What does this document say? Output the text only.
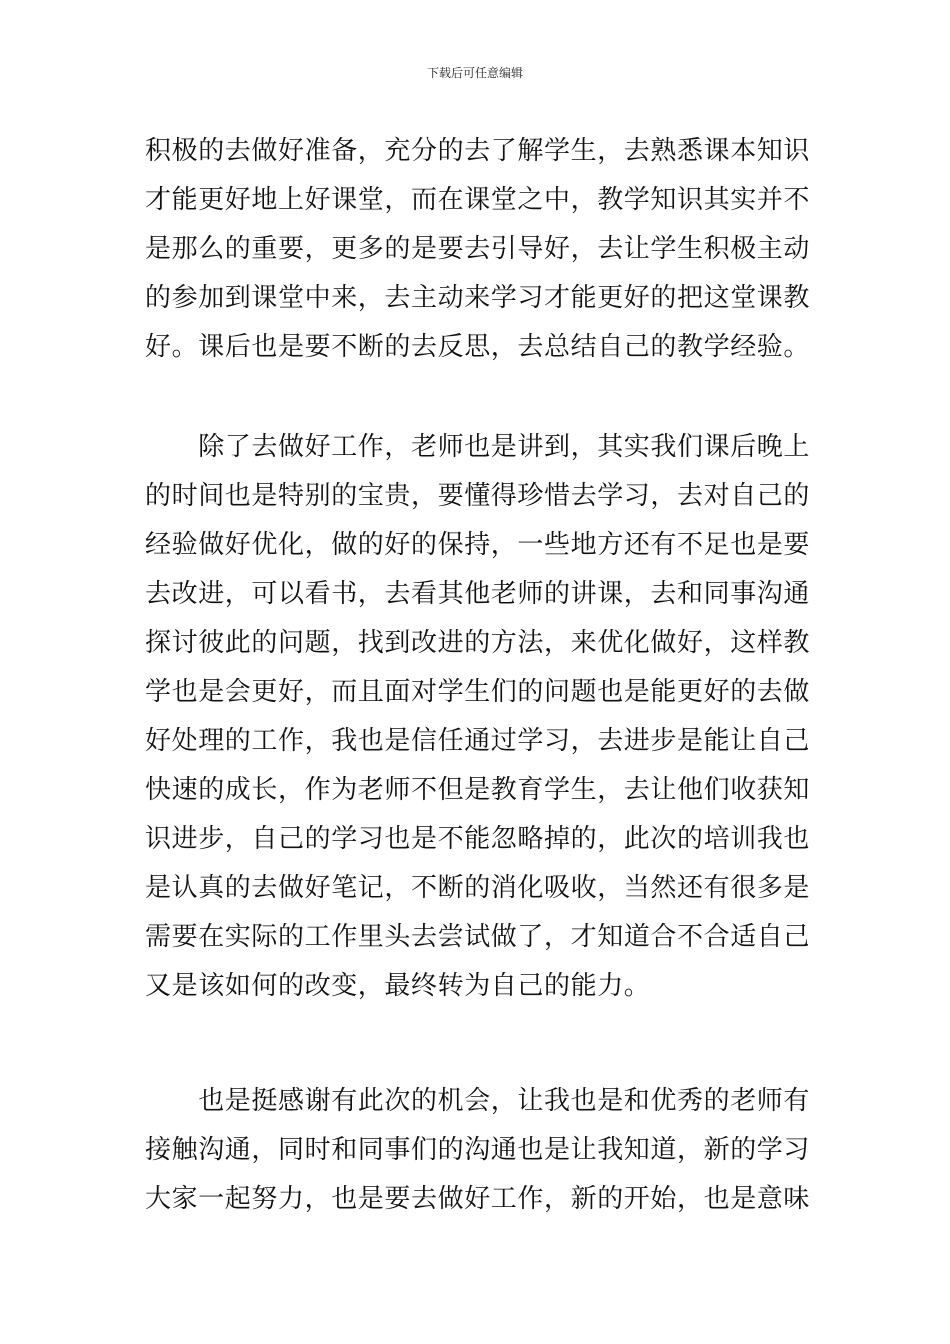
下载后可任意编辑
积极的去做好准备，充分的去了解学生，去熟悉课本知识
才能更好地上好课堂，而在课堂之中，教学知识其实并不
是那么的重要，更多的是要去引导好，去让学生积极主动
的参加到课堂中来，去主动来学习才能更好的把这堂课教
好。课后也是要不断的去反思，去总结自己的教学经验。
　　除了去做好工作，老师也是讲到，其实我们课后晚上
的时间也是特别的宝贵，要懂得珍惜去学习，去对自己的
经验做好优化，做的好的保持，一些地方还有不足也是要
去改进，可以看书，去看其他老师的讲课，去和同事沟通
探讨彼此的问题，找到改进的方法，来优化做好，这样教
学也是会更好，而且面对学生们的问题也是能更好的去做
好处理的工作，我也是信任通过学习，去进步是能让自己
快速的成长，作为老师不但是教育学生，去让他们收获知
识进步，自己的学习也是不能忽略掉的，此次的培训我也
是认真的去做好笔记，不断的消化吸收，当然还有很多是
需要在实际的工作里头去尝试做了，才知道合不合适自己
又是该如何的改变，最终转为自己的能力。
　　也是挺感谢有此次的机会，让我也是和优秀的老师有
接触沟通，同时和同事们的沟通也是让我知道，新的学习
大家一起努力，也是要去做好工作，新的开始，也是意味
